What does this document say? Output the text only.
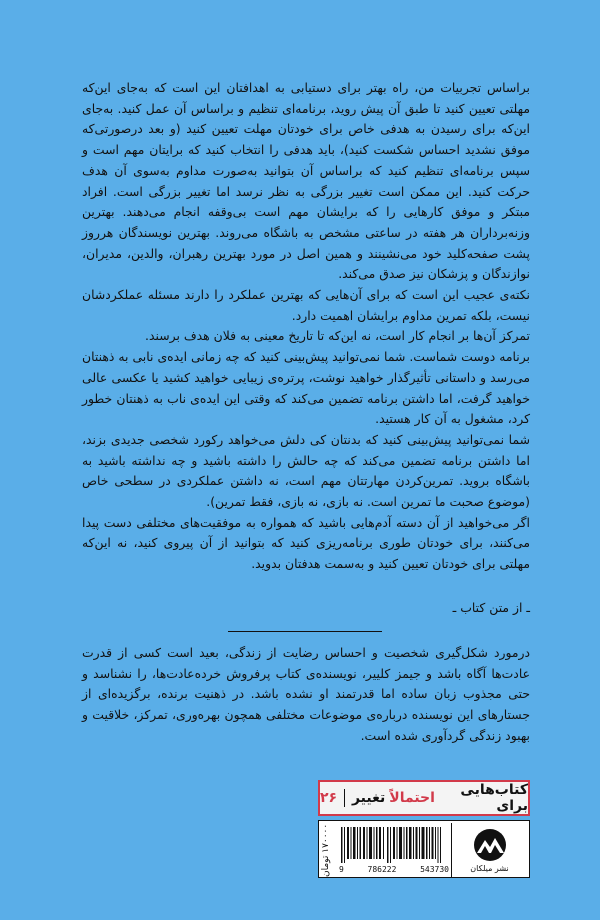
براساس تجربیات من، راه بهتر برای دستیابی به اهدافتان این است که به‌جای این‌که مهلتی تعیین کنید تا طبق آن پیش روید، برنامه‌ای تنظیم و براساس آن عمل کنید. به‌جای این‌که برای رسیدن به هدفی خاص برای خودتان مهلت تعیین کنید (و بعد درصورتی‌که موفق نشدید احساس شکست کنید)، باید هدفی را انتخاب کنید که برایتان مهم است و سپس برنامه‌ای تنظیم کنید که براساس آن بتوانید به‌صورت مداوم به‌سوی آن هدف حرکت کنید. این ممکن است تغییر بزرگی به نظر نرسد اما تغییر بزرگی است. افراد مبتکر و موفق کارهایی را که برایشان مهم است بی‌وقفه انجام می‌دهند. بهترین وزنه‌برداران هر هفته در ساعتی مشخص به باشگاه می‌روند. بهترین نویسندگان هرروز پشت صفحه‌کلید خود می‌نشینند و همین اصل در مورد بهترین رهبران، والدین، مدیران، نوازندگان و پزشکان نیز صدق می‌کند.

نکته‌ی عجیب این است که برای آن‌هایی که بهترین عملکرد را دارند مسئله عملکردشان نیست، بلکه تمرین مداوم برایشان اهمیت دارد.

تمرکز آن‌ها بر انجام کار است، نه این‌که تا تاریخ معینی به فلان هدف برسند.

برنامه دوست شماست. شما نمی‌توانید پیش‌بینی کنید که چه زمانی ایده‌ی نابی به ذهنتان می‌رسد و داستانی تأثیرگذار خواهید نوشت، پرتره‌ی زیبایی خواهید کشید یا عکسی عالی خواهید گرفت، اما داشتن برنامه تضمین می‌کند که وقتی این ایده‌ی ناب به ذهنتان خطور کرد، مشغول به آن کار هستید.

شما نمی‌توانید پیش‌بینی کنید که بدنتان کی دلش می‌خواهد رکورد شخصی جدیدی بزند، اما داشتن برنامه تضمین می‌کند که چه حالش را داشته باشید و چه نداشته باشید به باشگاه بروید. تمرین‌کردن مهارتتان مهم است، نه داشتن عملکردی در سطحی خاص (موضوع صحبت ما تمرین است. نه بازی، نه بازی، فقط تمرین).

اگر می‌خواهید از آن دسته آدم‌هایی باشید که همواره به موفقیت‌های مختلفی دست پیدا می‌کنند، برای خودتان طوری برنامه‌ریزی کنید که بتوانید از آن پیروی کنید، نه این‌که مهلتی برای خودتان تعیین کنید و به‌سمت هدفتان بدوید.

ـ از متن کتاب ـ
درمورد شکل‌گیری شخصیت و احساس رضایت از زندگی، بعید است کسی از قدرت عادت‌ها آگاه باشد و جیمز کلییر، نویسنده‌ی کتاب پرفروش خرده‌عادت‌ها، را نشناسد و حتی مجذوب زبان ساده اما قدرتمند او نشده باشد. در ذهنیت برنده، برگزیده‌ای از جستارهای این نویسنده درباره‌ی موضوعات مختلفی همچون بهره‌وری، تمرکز، خلاقیت و بهبود زندگی گردآوری شده است.
کتاب‌هایی برای
احتمالاً
تغییر
۲۶
۱۷۰۰۰۰ تومان
9	786222	543730	نشر میلکان
